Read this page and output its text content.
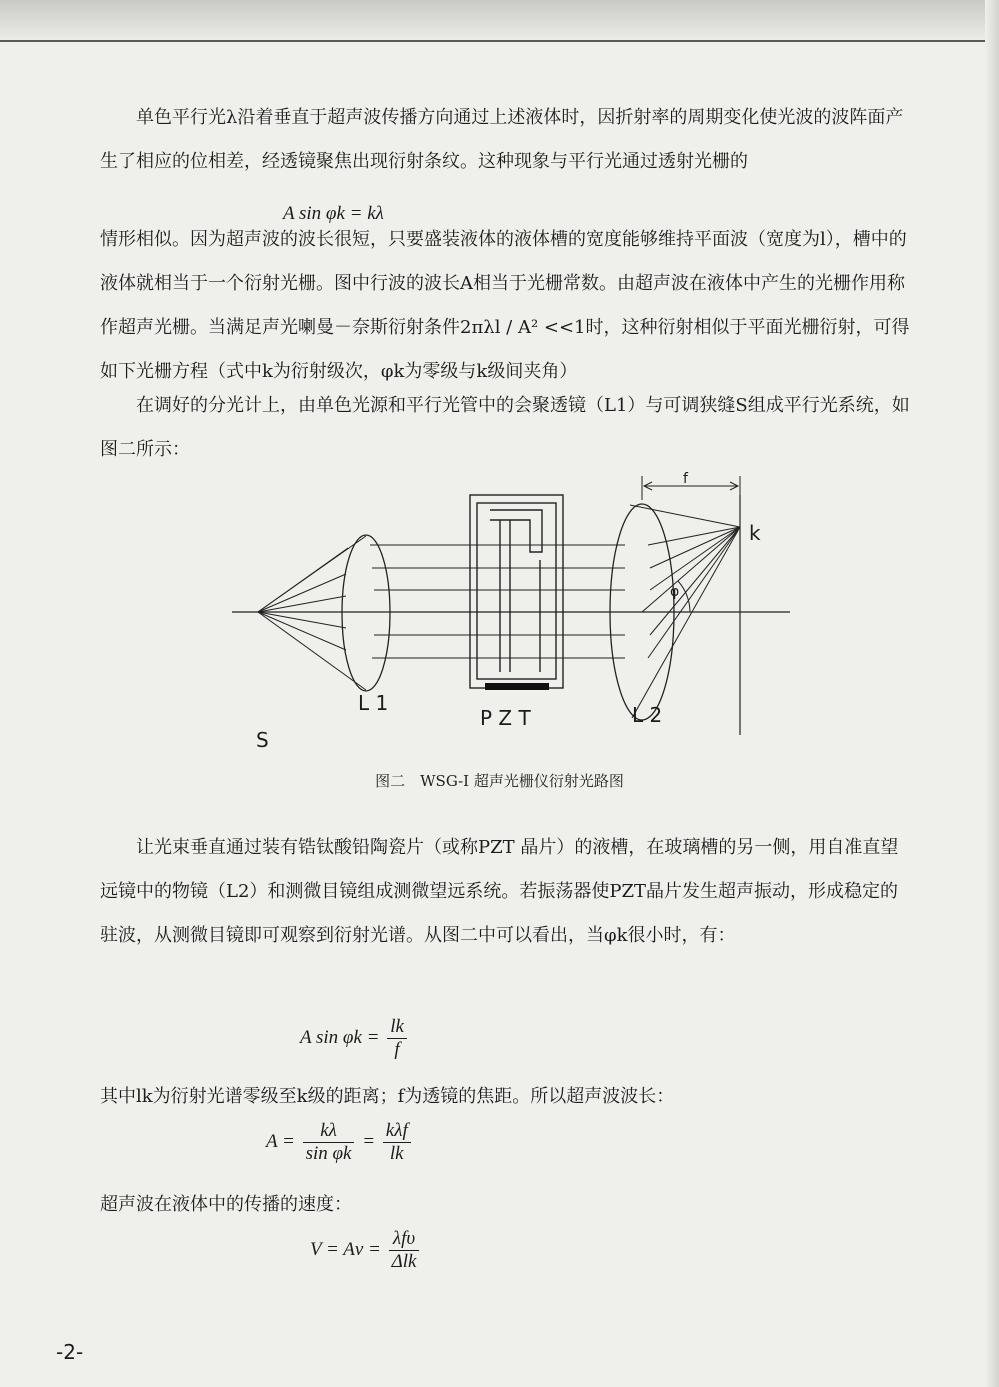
单色平行光λ沿着垂直于超声波传播方向通过上述液体时，因折射率的周期变化使光波的波阵面产生了相应的位相差，经透镜聚焦出现衍射条纹。这种现象与平行光通过透射光栅的

A sin φk = kλ

情形相似。因为超声波的波长很短，只要盛装液体的液体槽的宽度能够维持平面波（宽度为l），槽中的液体就相当于一个衍射光栅。图中行波的波长A相当于光栅常数。由超声波在液体中产生的光栅作用称作超声光栅。当满足声光喇曼－奈斯衍射条件2πλl / A² <<1时，这种衍射相似于平面光栅衍射，可得如下光栅方程（式中k为衍射级次，φk为零级与k级间夹角）

在调好的分光计上，由单色光源和平行光管中的会聚透镜（L1）与可调狭缝S组成平行光系统，如图二所示：

k
f
φ
L 1
P Z T	L 2
S
图二　WSG-I 超声光栅仪衍射光路图

让光束垂直通过装有锆钛酸铅陶瓷片（或称PZT 晶片）的液槽，在玻璃槽的另一侧，用自准直望远镜中的物镜（L2）和测微目镜组成测微望远系统。若振荡器使PZT晶片发生超声振动，形成稳定的驻波，从测微目镜即可观察到衍射光谱。从图二中可以看出，当φk很小时，有：

A $\sin \varphi k = \frac{lk}{f}$

其中lk为衍射光谱零级至k级的距离；f为透镜的焦距。所以超声波波长：

$A = \frac{k\lambda}{\text{sin φk}} = \frac{\text{kλf}}{lk}$

超声波在液体中的传播的速度：

$V = A\nu = \frac{\text{λfυ}}{\text{Δlk}}$
-2-
